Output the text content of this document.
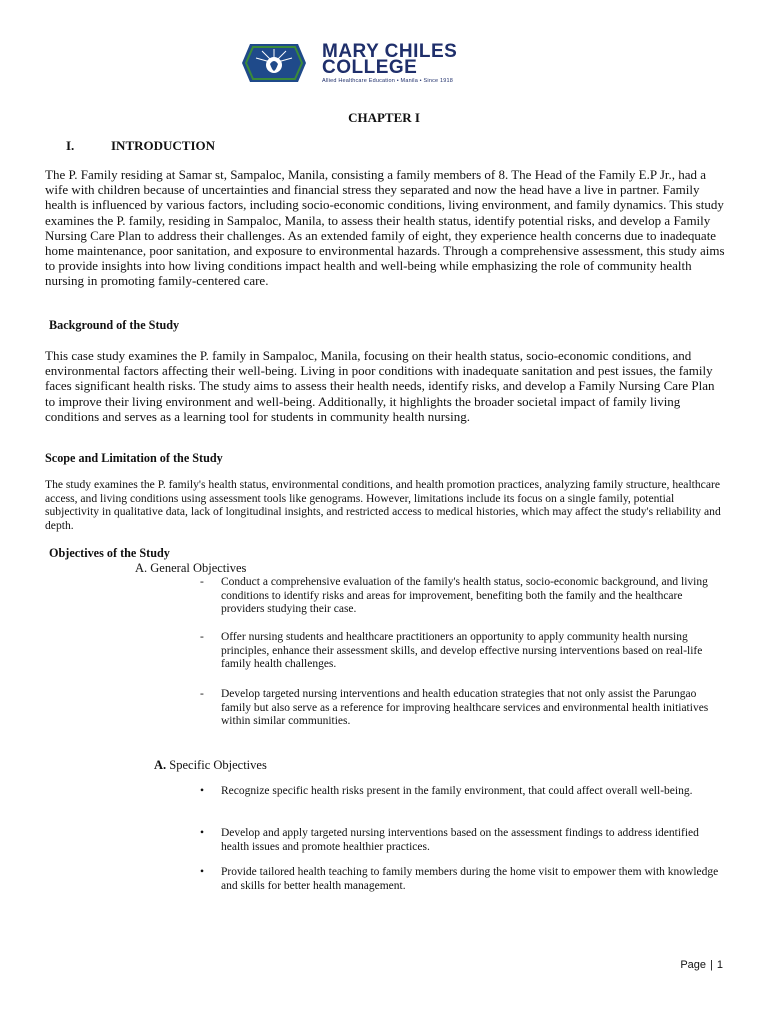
MARY CHILES
COLLEGE
Allied Healthcare Education • Manila • Since 1918
CHAPTER I
I.	INTRODUCTION

The P. Family residing at Samar st, Sampaloc, Manila, consisting a family members of 8. The Head of the Family E.P Jr., had a wife with children because of uncertainties and financial stress they separated and now the head have a live in partner. Family health is influenced by various factors, including socio-economic conditions, living environment, and family dynamics. This study examines the P. family, residing in Sampaloc, Manila, to assess their health status, identify potential risks, and develop a Family Nursing Care Plan to address their challenges. As an extended family of eight, they experience health concerns due to inadequate home maintenance, poor sanitation, and exposure to environmental hazards. Through a comprehensive assessment, this study aims to provide insights into how living conditions impact health and well-being while emphasizing the role of community health nursing in promoting family-centered care.

Background of the Study

This case study examines the P. family in Sampaloc, Manila, focusing on their health status, socio-economic conditions, and environmental factors affecting their well-being. Living in poor conditions with inadequate sanitation and pest issues, the family faces significant health risks. The study aims to assess their health needs, identify risks, and develop a Family Nursing Care Plan to improve their living environment and well-being. Additionally, it highlights the broader societal impact of family living conditions and serves as a learning tool for students in community health nursing.

Scope and Limitation of the Study

The study examines the P. family's health status, environmental conditions, and health promotion practices, analyzing family structure, healthcare access, and living conditions using assessment tools like genograms. However, limitations include its focus on a single family, potential subjectivity in qualitative data, lack of longitudinal insights, and restricted access to medical histories, which may affect the study's reliability and depth.

Objectives of the Study
A. General Objectives
-	Conduct a comprehensive evaluation of the family's health status, socio-economic background, and living conditions to identify risks and areas for improvement, benefiting both the family and the healthcare providers studying their case.
-	Offer nursing students and healthcare practitioners an opportunity to apply community health nursing principles, enhance their assessment skills, and develop effective nursing interventions based on real-life family health challenges.
-	Develop targeted nursing interventions and health education strategies that not only assist the Parungao family but also serve as a reference for improving healthcare services and environmental health initiatives within similar communities.
A. Specific Objectives
•	Recognize specific health risks present in the family environment, that could affect overall well-being.
•	Develop and apply targeted nursing interventions based on the assessment findings to address identified health issues and promote healthier practices.
•	Provide tailored health teaching to family members during the home visit to empower them with knowledge and skills for better health management.
Page | 1
